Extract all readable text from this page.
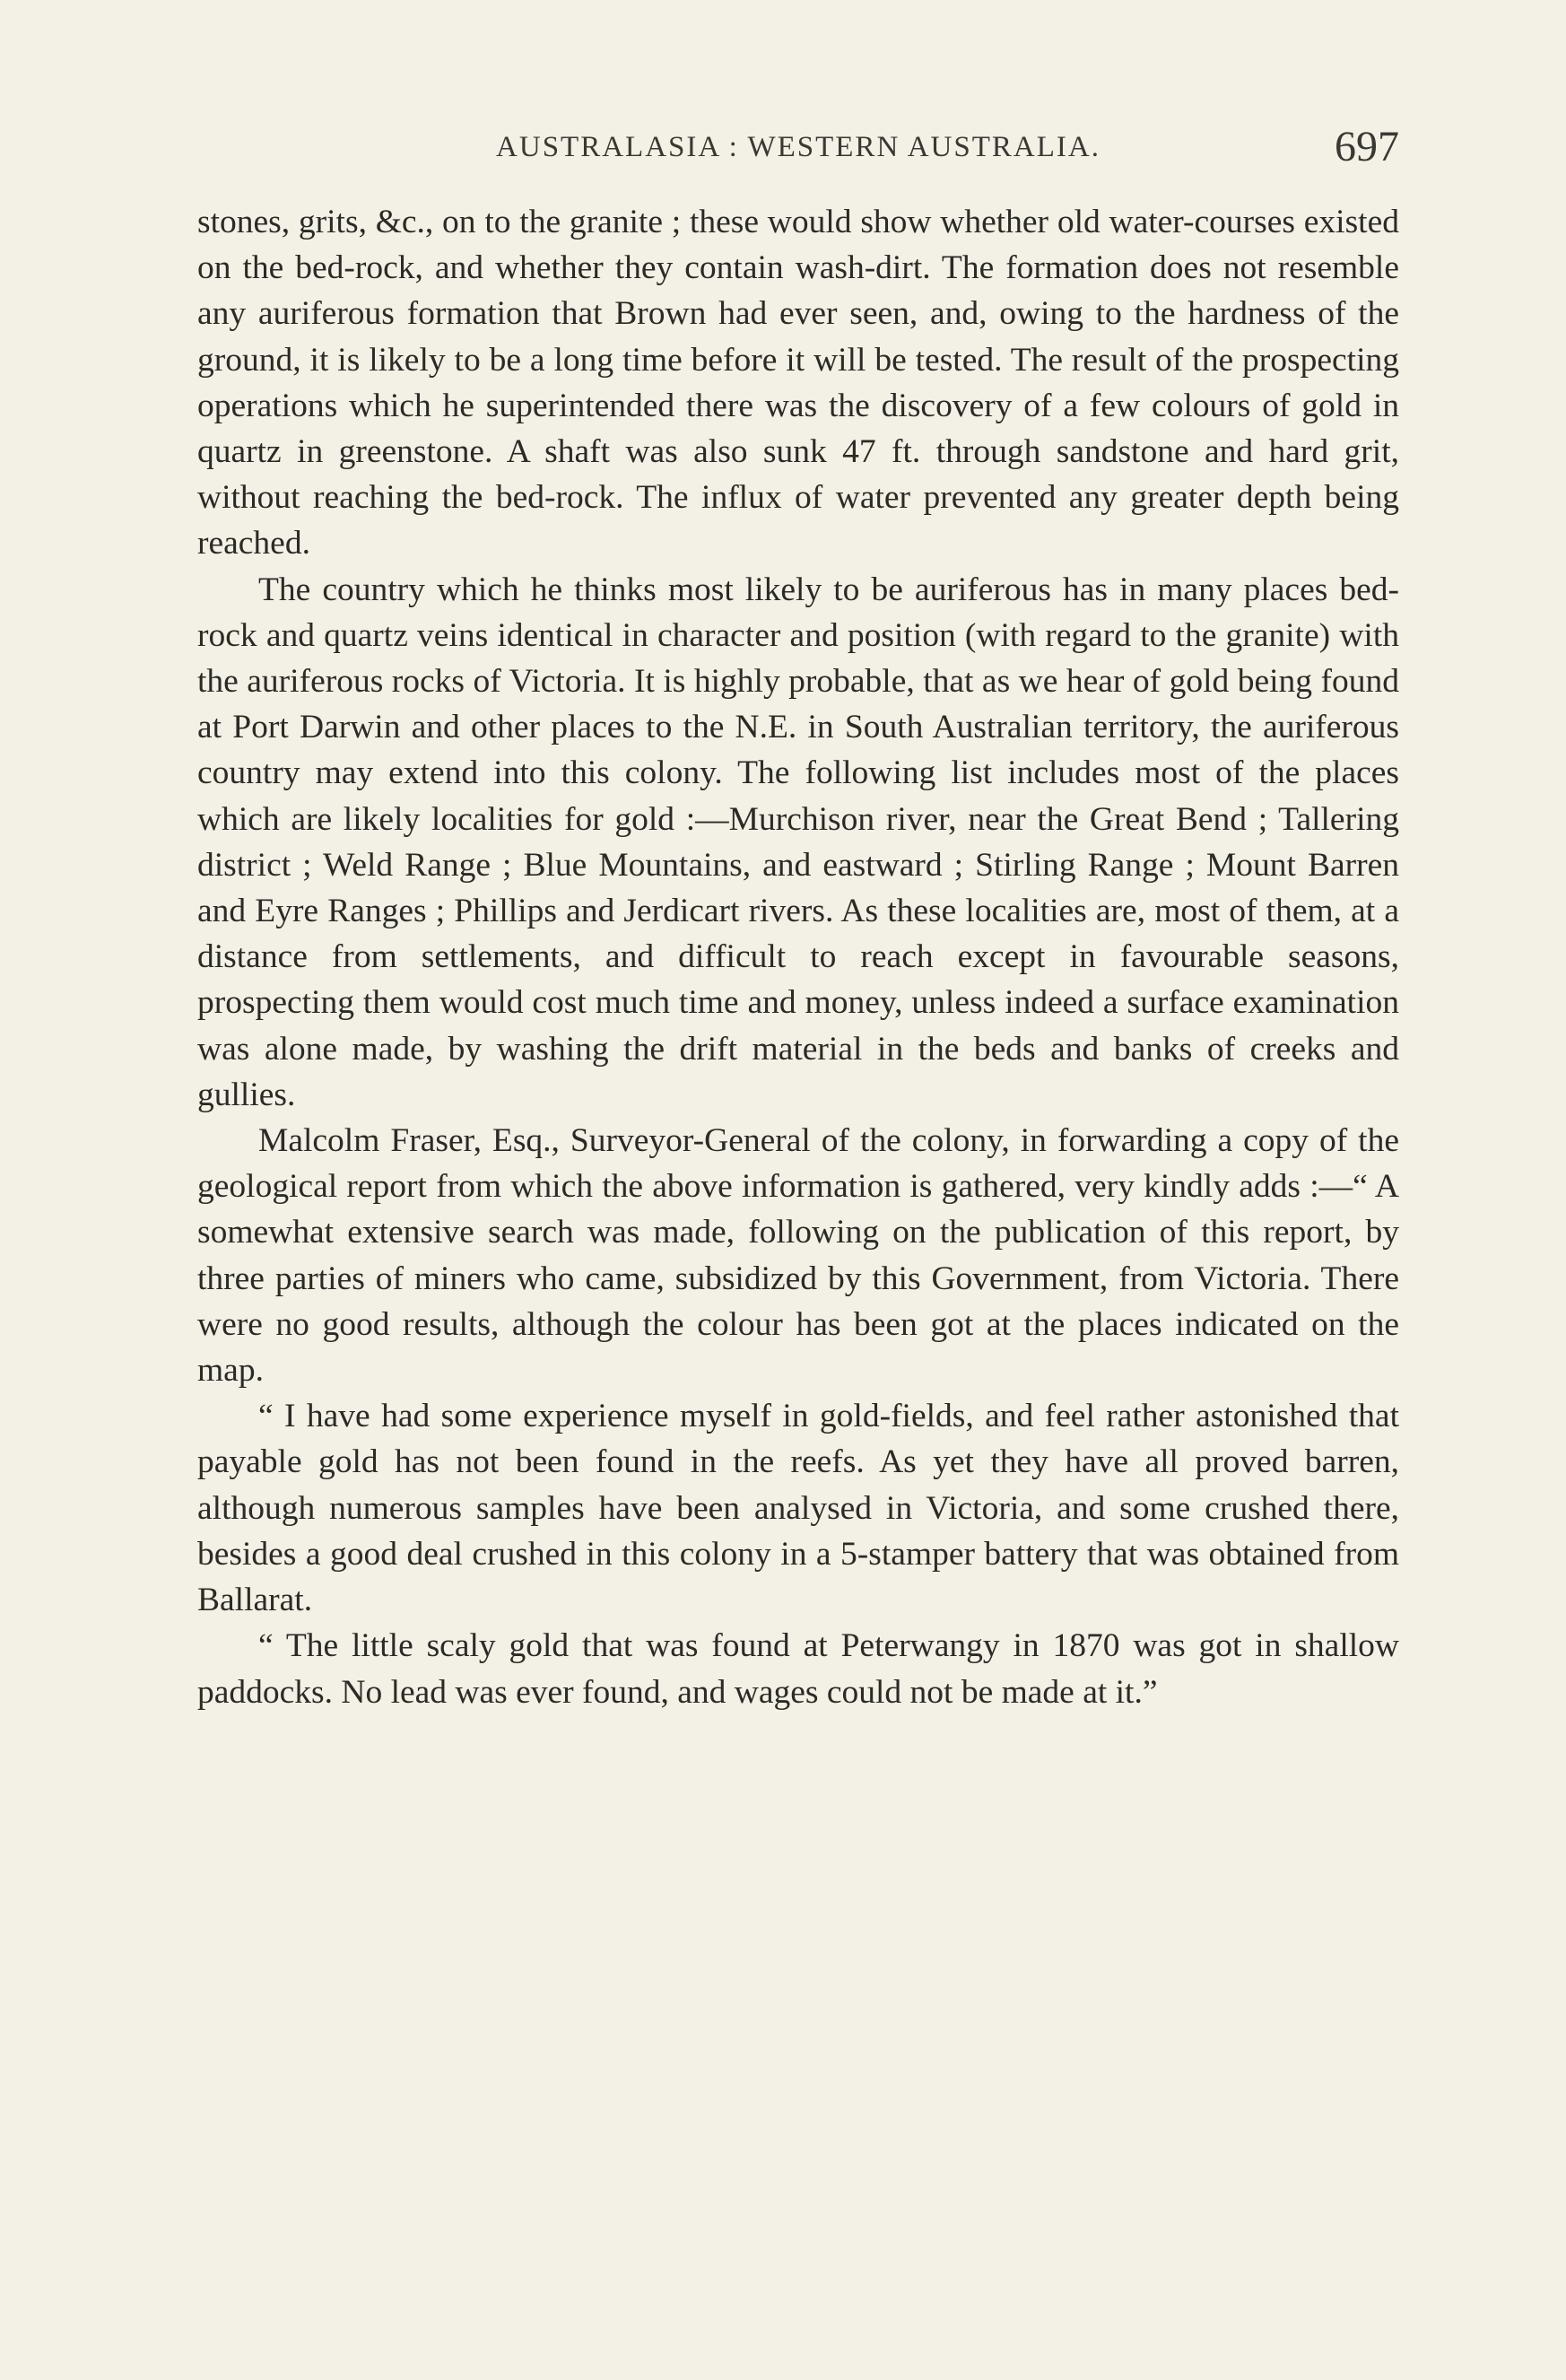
AUSTRALASIA : WESTERN AUSTRALIA.	697

stones, grits, &c., on to the granite ; these would show whether old water-courses existed on the bed-rock, and whether they contain wash-dirt. The formation does not resemble any auriferous formation that Brown had ever seen, and, owing to the hardness of the ground, it is likely to be a long time before it will be tested. The result of the prospecting operations which he superintended there was the discovery of a few colours of gold in quartz in greenstone. A shaft was also sunk 47 ft. through sandstone and hard grit, without reaching the bed-rock. The influx of water prevented any greater depth being reached.

The country which he thinks most likely to be auriferous has in many places bed-rock and quartz veins identical in character and position (with regard to the granite) with the auriferous rocks of Victoria. It is highly probable, that as we hear of gold being found at Port Darwin and other places to the N.E. in South Australian territory, the auriferous country may extend into this colony. The following list includes most of the places which are likely localities for gold :—Murchison river, near the Great Bend ; Tallering district ; Weld Range ; Blue Mountains, and eastward ; Stirling Range ; Mount Barren and Eyre Ranges ; Phillips and Jerdicart rivers. As these localities are, most of them, at a distance from settlements, and difficult to reach except in favourable seasons, prospecting them would cost much time and money, unless indeed a surface examination was alone made, by washing the drift material in the beds and banks of creeks and gullies.

Malcolm Fraser, Esq., Surveyor-General of the colony, in forwarding a copy of the geological report from which the above information is gathered, very kindly adds :—“ A somewhat extensive search was made, following on the publication of this report, by three parties of miners who came, subsidized by this Government, from Victoria. There were no good results, although the colour has been got at the places indicated on the map.

“ I have had some experience myself in gold-fields, and feel rather astonished that payable gold has not been found in the reefs. As yet they have all proved barren, although numerous samples have been analysed in Victoria, and some crushed there, besides a good deal crushed in this colony in a 5-stamper battery that was obtained from Ballarat.

“ The little scaly gold that was found at Peterwangy in 1870 was got in shallow paddocks. No lead was ever found, and wages could not be made at it.”
